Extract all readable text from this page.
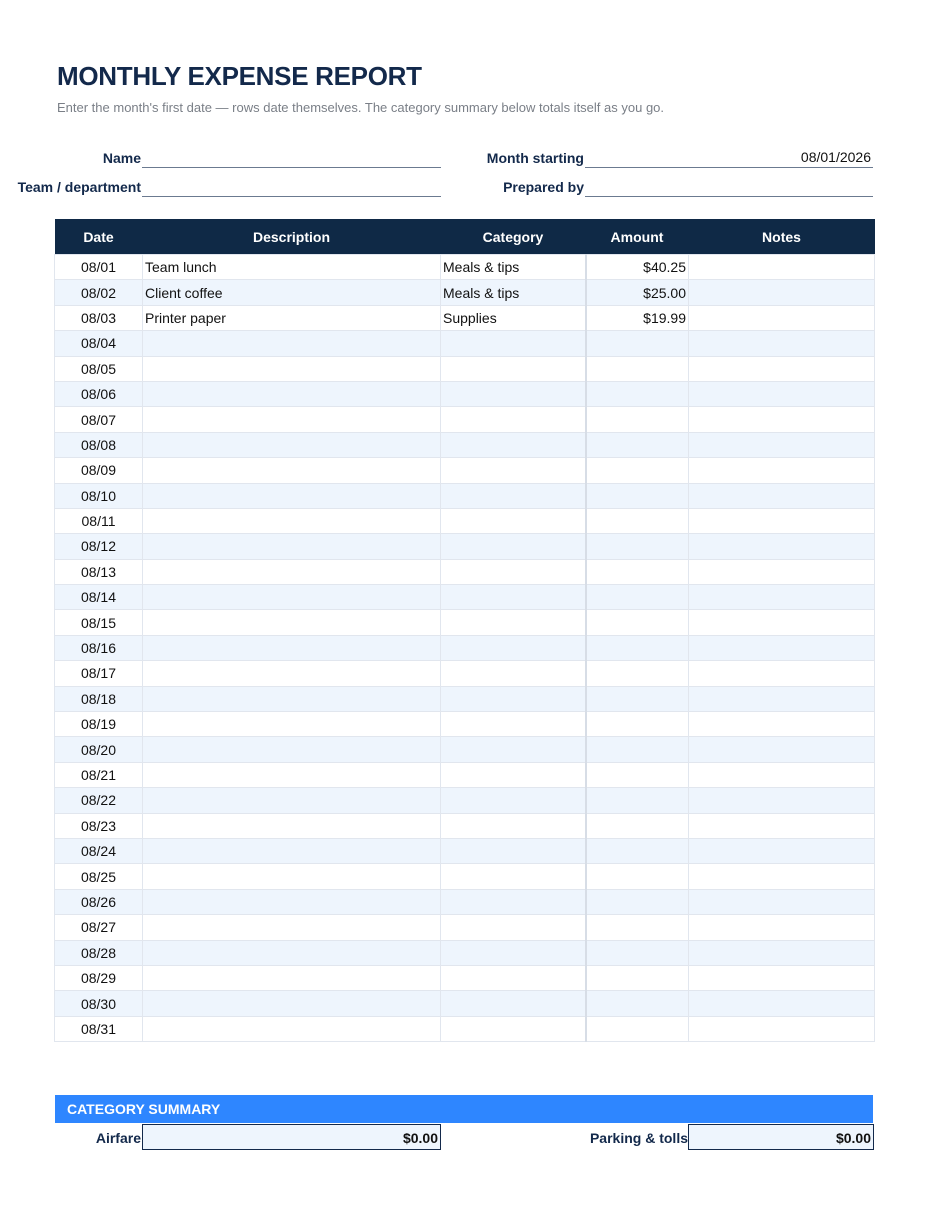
MONTHLY EXPENSE REPORT
Enter the month's first date — rows date themselves. The category summary below totals itself as you go.
Name	Month starting	08/01/2026
Team / department	Prepared by
Date	Description	Category	Amount	Notes
08/01	Team lunch	Meals & tips	$40.25	
08/02	Client coffee	Meals & tips	$25.00	
08/03	Printer paper	Supplies	$19.99	
08/04				
08/05				
08/06				
08/07				
08/08				
08/09				
08/10				
08/11				
08/12				
08/13				
08/14				
08/15				
08/16				
08/17				
08/18				
08/19				
08/20				
08/21				
08/22				
08/23				
08/24				
08/25				
08/26				
08/27				
08/28				
08/29				
08/30				
08/31				
CATEGORY SUMMARY
Airfare	$0.00	Parking & tolls	$0.00
